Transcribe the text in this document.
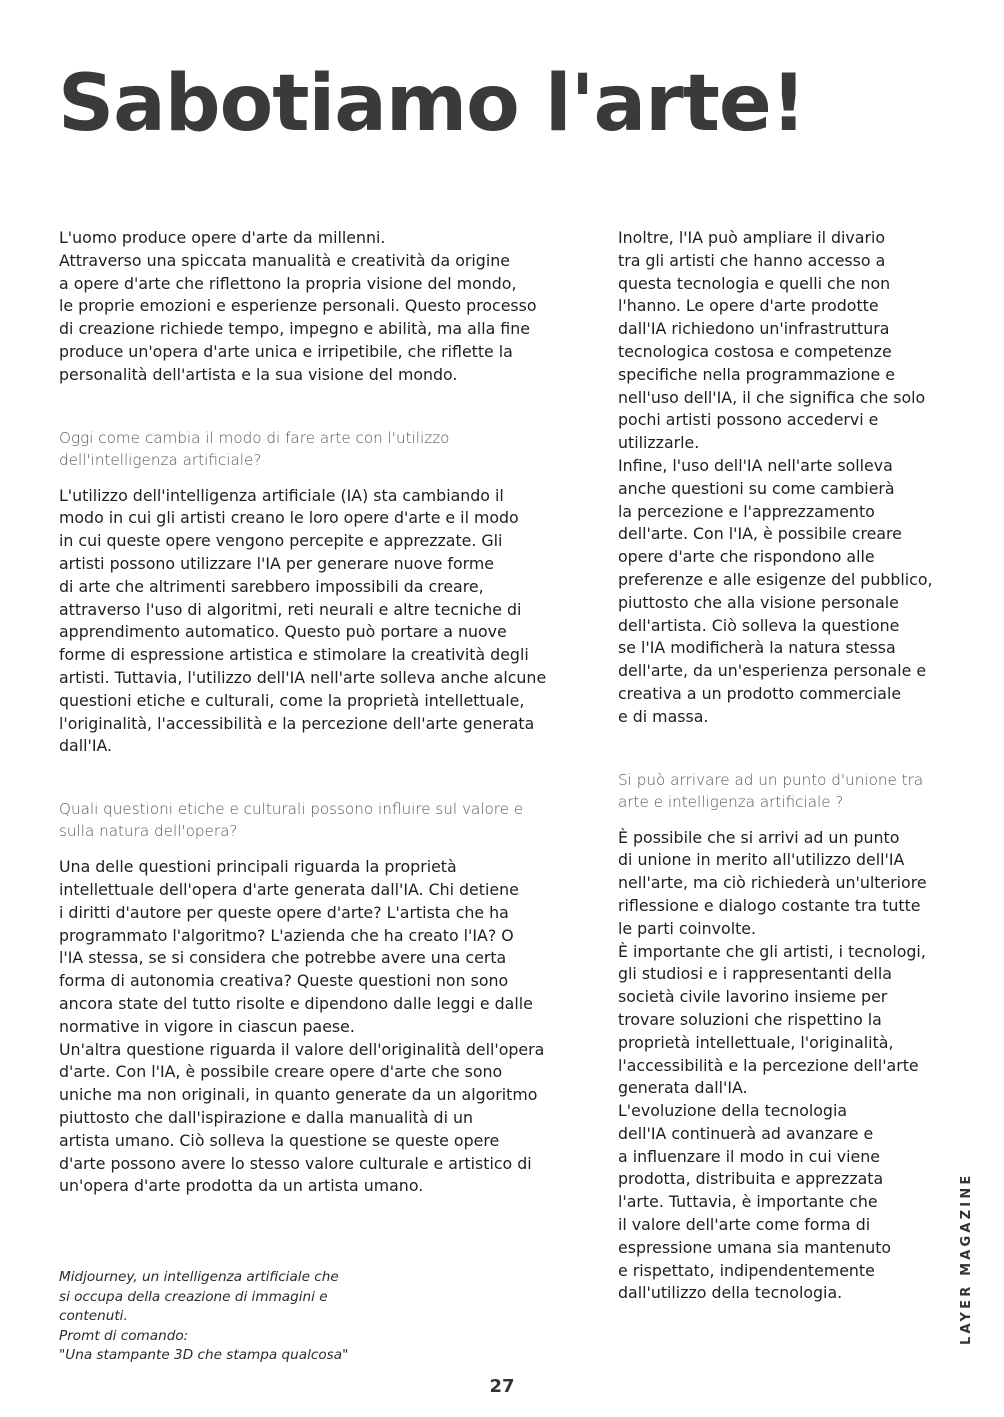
Sabotiamo l'arte!

L'uomo produce opere d'arte da millenni.
Attraverso una spiccata manualità e creatività da origine
a opere d'arte che riflettono la propria visione del mondo,
le proprie emozioni e esperienze personali. Questo processo
di creazione richiede tempo, impegno e abilità, ma alla fine
produce un'opera d'arte unica e irripetibile, che riflette la
personalità dell'artista e la sua visione del mondo.

Oggi come cambia il modo di fare arte con l'utilizzo
dell'intelligenza artificiale?

L'utilizzo dell'intelligenza artificiale (IA) sta cambiando il
modo in cui gli artisti creano le loro opere d'arte e il modo
in cui queste opere vengono percepite e apprezzate. Gli
artisti possono utilizzare l'IA per generare nuove forme
di arte che altrimenti sarebbero impossibili da creare,
attraverso l'uso di algoritmi, reti neurali e altre tecniche di
apprendimento automatico. Questo può portare a nuove
forme di espressione artistica e stimolare la creatività degli
artisti. Tuttavia, l'utilizzo dell'IA nell'arte solleva anche alcune
questioni etiche e culturali, come la proprietà intellettuale,
l'originalità, l'accessibilità e la percezione dell'arte generata
dall'IA.

Quali questioni etiche e culturali possono influire sul valore e
sulla natura dell'opera?

Una delle questioni principali riguarda la proprietà
intellettuale dell'opera d'arte generata dall'IA. Chi detiene
i diritti d'autore per queste opere d'arte? L'artista che ha
programmato l'algoritmo? L'azienda che ha creato l'IA? O
l'IA stessa, se si considera che potrebbe avere una certa
forma di autonomia creativa? Queste questioni non sono
ancora state del tutto risolte e dipendono dalle leggi e dalle
normative in vigore in ciascun paese.
Un'altra questione riguarda il valore dell'originalità dell'opera
d'arte. Con l'IA, è possibile creare opere d'arte che sono
uniche ma non originali, in quanto generate da un algoritmo
piuttosto che dall'ispirazione e dalla manualità di un
artista umano. Ciò solleva la questione se queste opere
d'arte possono avere lo stesso valore culturale e artistico di
un'opera d'arte prodotta da un artista umano.

Inoltre, l'IA può ampliare il divario
tra gli artisti che hanno accesso a
questa tecnologia e quelli che non
l'hanno. Le opere d'arte prodotte
dall'IA richiedono un'infrastruttura
tecnologica costosa e competenze
specifiche nella programmazione e
nell'uso dell'IA, il che significa che solo
pochi artisti possono accedervi e
utilizzarle.
Infine, l'uso dell'IA nell'arte solleva
anche questioni su come cambierà
la percezione e l'apprezzamento
dell'arte. Con l'IA, è possibile creare
opere d'arte che rispondono alle
preferenze e alle esigenze del pubblico,
piuttosto che alla visione personale
dell'artista. Ciò solleva la questione
se l'IA modificherà la natura stessa
dell'arte, da un'esperienza personale e
creativa a un prodotto commerciale
e di massa.

Si può arrivare ad un punto d'unione tra
arte e intelligenza artificiale ?

È possibile che si arrivi ad un punto
di unione in merito all'utilizzo dell'IA
nell'arte, ma ciò richiederà un'ulteriore
riflessione e dialogo costante tra tutte
le parti coinvolte.
È importante che gli artisti, i tecnologi,
gli studiosi e i rappresentanti della
società civile lavorino insieme per
trovare soluzioni che rispettino la
proprietà intellettuale, l'originalità,
l'accessibilità e la percezione dell'arte
generata dall'IA.
L'evoluzione della tecnologia
dell'IA continuerà ad avanzare e
a influenzare il modo in cui viene
prodotta, distribuita e apprezzata
l'arte. Tuttavia, è importante che
il valore dell'arte come forma di
espressione umana sia mantenuto
e rispettato, indipendentemente
dall'utilizzo della tecnologia.

Midjourney, un intelligenza artificiale che
si occupa della creazione di immagini e
contenuti.
Promt di comando:
"Una stampante 3D che stampa qualcosa"

27
LAYER MAGAZINE
